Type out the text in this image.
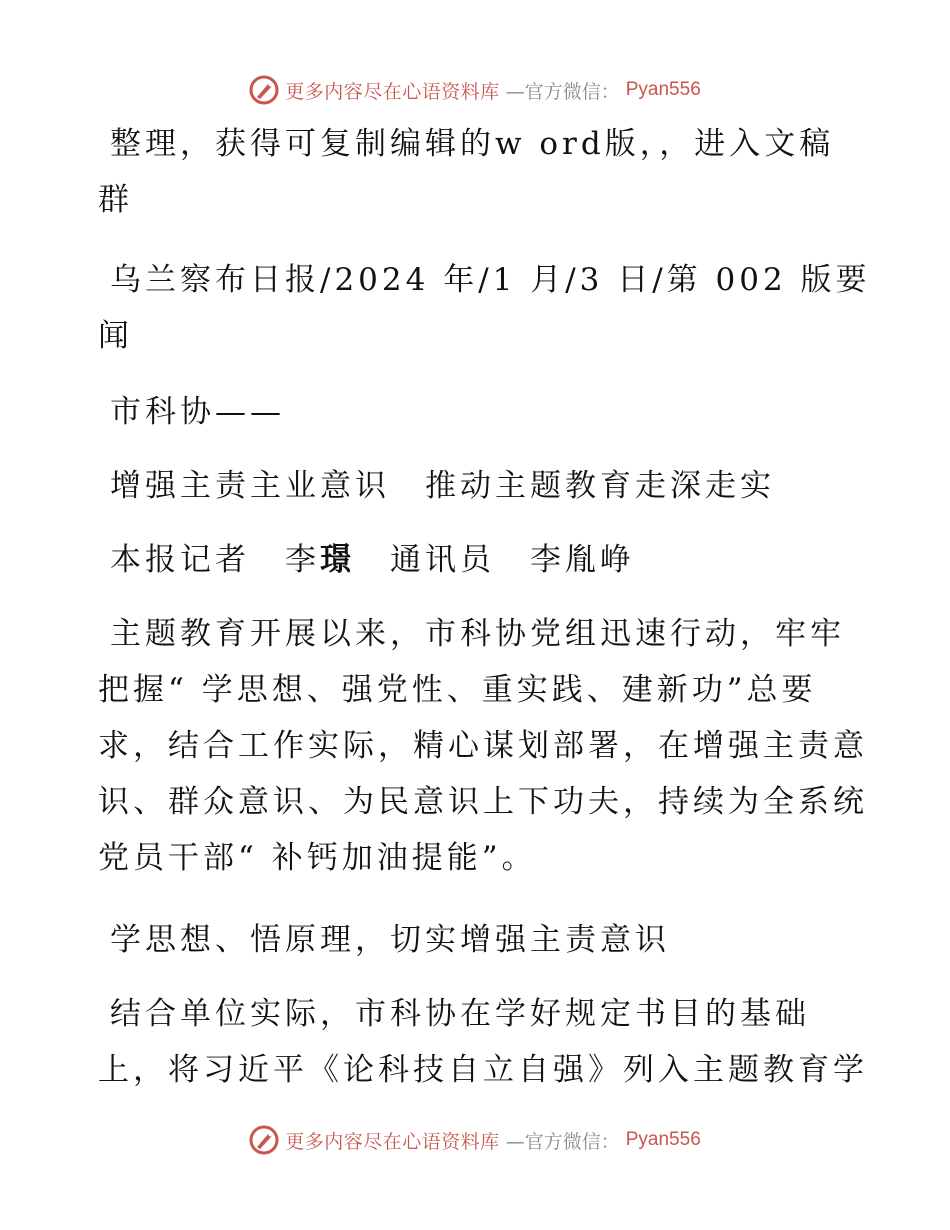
更多内容尽在心语资料库 —官方微信： Pyan556
整理，获得可复制编辑的w ord版，，进入文稿
群
乌兰察布日报/2024 年/1 月/3 日/第 002 版要
闻
市科协——
增强主责主业意识　推动主题教育走深走实
本报记者　李璟　通讯员　李胤峥
主题教育开展以来，市科协党组迅速行动，牢牢
把握“ 学思想、强党性、重实践、建新功”总要
求，结合工作实际，精心谋划部署，在增强主责意
识、群众意识、为民意识上下功夫，持续为全系统
党员干部“ 补钙加油提能”。
学思想、悟原理，切实增强主责意识
结合单位实际，市科协在学好规定书目的基础
上，将习近平《论科技自立自强》列入主题教育学
更多内容尽在心语资料库 —官方微信： Pyan556
